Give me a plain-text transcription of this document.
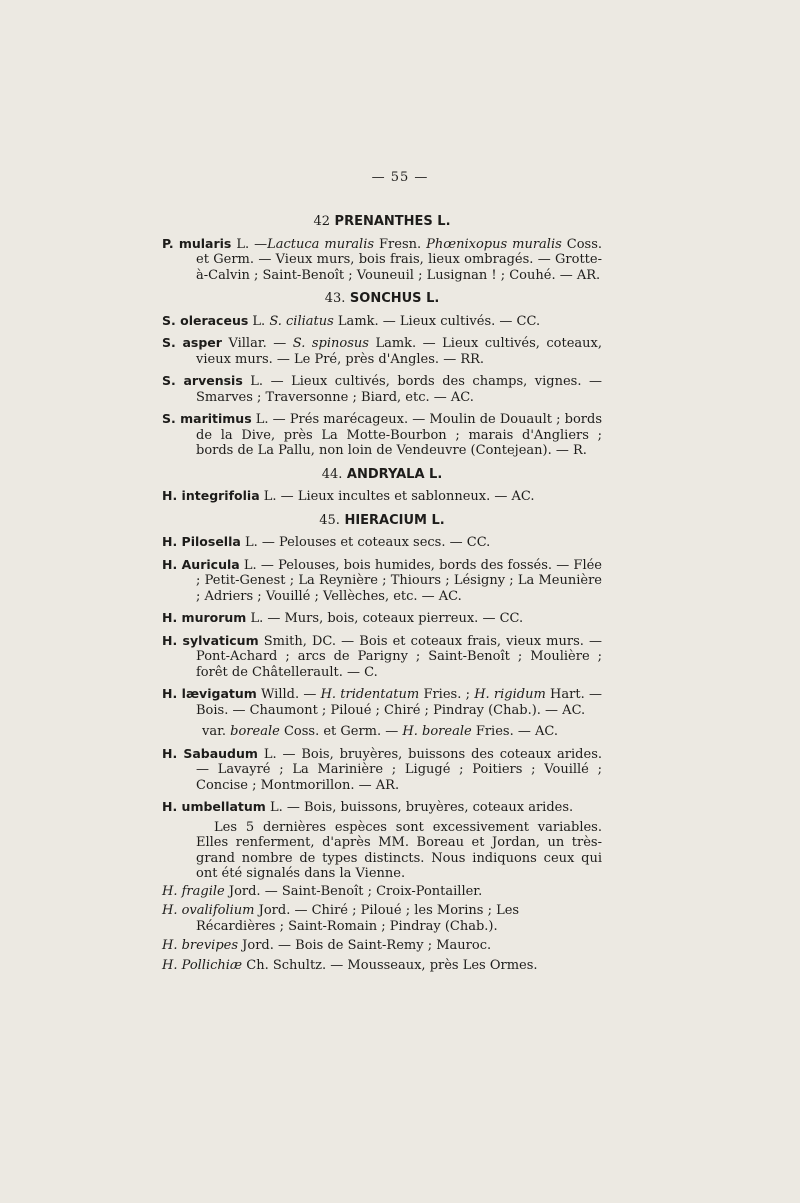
— 55 —
42 PRENANTHES L.
P. mularis L. —Lactuca muralis Fresn. Phœnixopus muralis Coss. et Germ. — Vieux murs, bois frais, lieux ombragés. — Grotte-à-Calvin ; Saint-Benoît ; Vouneuil ; Lusignan ! ; Couhé. — AR.
43. SONCHUS L.
S. oleraceus L. S. ciliatus Lamk. — Lieux cultivés. — CC.
S. asper Villar. — S. spinosus Lamk. — Lieux cultivés, coteaux, vieux murs. — Le Pré, près d'Angles. — RR.
S. arvensis L. — Lieux cultivés, bords des champs, vignes. — Smarves ; Traversonne ; Biard, etc. — AC.
S. maritimus L. — Prés marécageux. — Moulin de Douault ; bords de la Dive, près La Motte-Bourbon ; marais d'Angliers ; bords de La Pallu, non loin de Vendeuvre (Contejean). — R.
44. ANDRYALA L.
H. integrifolia L. — Lieux incultes et sablonneux. — AC.
45. HIERACIUM L.
H. Pilosella L. — Pelouses et coteaux secs. — CC.
H. Auricula L. — Pelouses, bois humides, bords des fossés. — Flée ; Petit-Genest ; La Reynière ; Thiours ; Lésigny ; La Meunière ; Adriers ; Vouillé ; Vellèches, etc. — AC.
H. murorum L. — Murs, bois, coteaux pierreux. — CC.
H. sylvaticum Smith, DC. — Bois et coteaux frais, vieux murs. — Pont-Achard ; arcs de Parigny ; Saint-Benoît ; Moulière ; forêt de Châtellerault. — C.
H. lævigatum Willd. — H. tridentatum Fries. ; H. rigidum Hart. — Bois. — Chaumont ; Piloué ; Chiré ; Pindray (Chab.). — AC.
var. boreale Coss. et Germ. — H. boreale Fries. — AC.
H. Sabaudum L. — Bois, bruyères, buissons des coteaux arides. — Lavayré ; La Marinière ; Ligugé ; Poitiers ; Vouillé ; Concise ; Montmorillon. — AR.
H. umbellatum L. — Bois, buissons, bruyères, coteaux arides.
Les 5 dernières espèces sont excessivement variables. Elles renferment, d'après MM. Boreau et Jordan, un très-grand nombre de types distincts. Nous indiquons ceux qui ont été signalés dans la Vienne.
H. fragile Jord. — Saint-Benoît ; Croix-Pontailler.
H. ovalifolium Jord. — Chiré ; Piloué ; les Morins ; Les Récardières ; Saint-Romain ; Pindray (Chab.).
H. brevipes Jord. — Bois de Saint-Remy ; Mauroc.
H. Pollichiæ Ch. Schultz. — Mousseaux, près Les Ormes.
